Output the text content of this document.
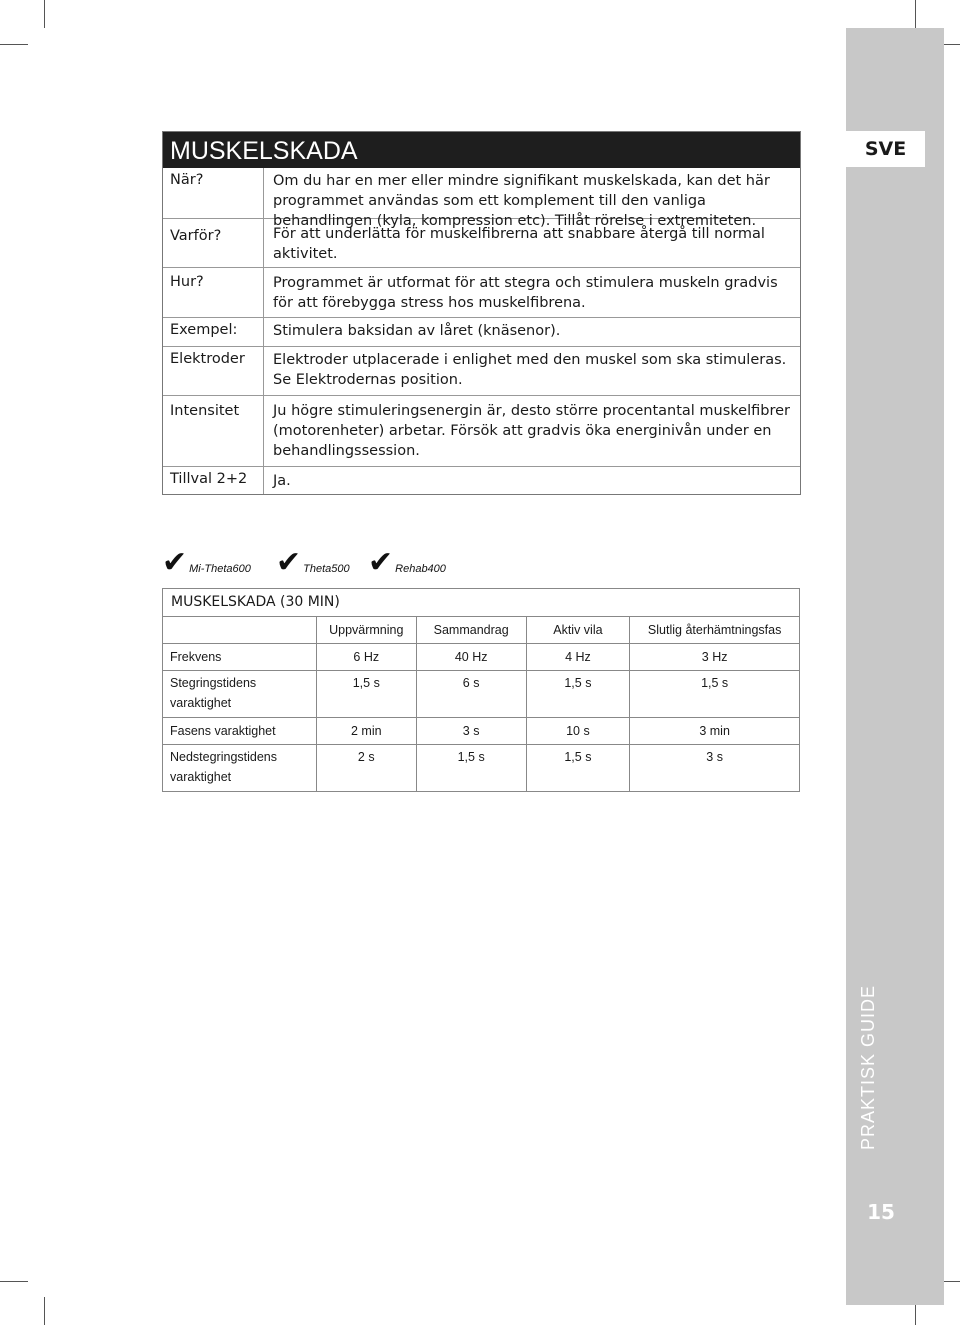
SVE
PRAKTISK GUIDE
15
MUSKELSKADA
När?	Om du har en mer eller mindre signifikant muskelskada, kan det här programmet användas som ett komplement till den vanliga behandlingen (kyla, kompression etc). Tillåt rörelse i extremiteten.
Varför?	För att underlätta för muskelfibrerna att snabbare återgå till normal aktivitet.
Hur?	Programmet är utformat för att stegra och stimulera muskeln gradvis för att förebygga stress hos muskelfibrena.
Exempel:	Stimulera baksidan av låret (knäsenor).
Elektroder	Elektroder utplacerade i enlighet med den muskel som ska stimuleras. Se Elektrodernas position.
Intensitet	Ju högre stimuleringsenergin är, desto större procentantal muskelfibrer (motorenheter) arbetar. Försök att gradvis öka energinivån under en behandlingssession.
Tillval 2+2	Ja.
✔ Mi-Theta600 ✔ Theta500 ✔ Rehab400
MUSKELSKADA (30 MIN)				
	Uppvärmning	Sammandrag	Aktiv vila	Slutlig återhämtningsfas
Frekvens	6 Hz	40 Hz	4 Hz	3 Hz

Stegringstidens
varaktighet	1,5 s	6 s	1,5 s	1,5 s
Fasens varaktighet	2 min	3 s	10 s	3 min

Nedstegringstidens
varaktighet	2 s	1,5 s	1,5 s	3 s
